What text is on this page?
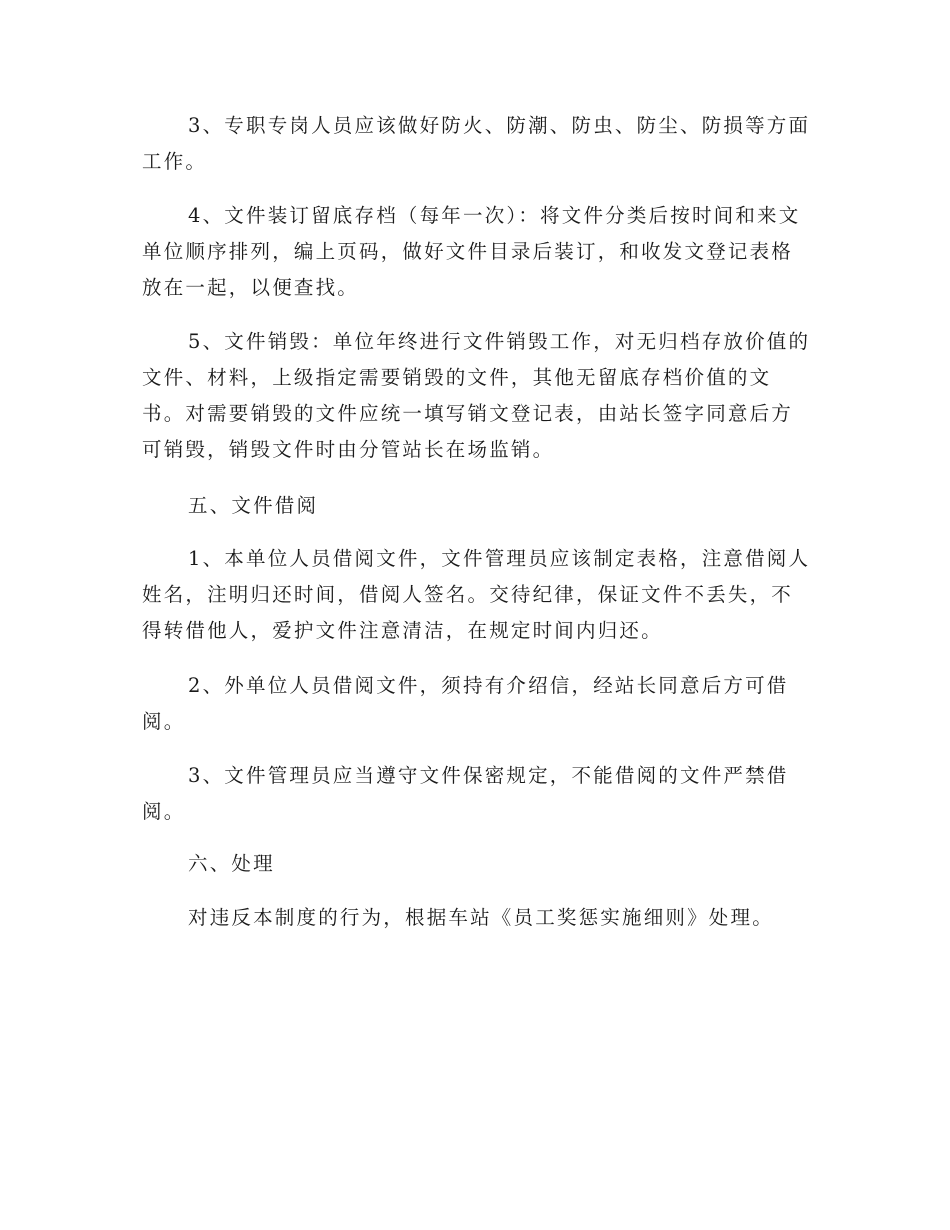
3、专职专岗人员应该做好防火、防潮、防虫、防尘、防损等方面
工作。

4、文件装订留底存档（每年一次）：将文件分类后按时间和来文
单位顺序排列，编上页码，做好文件目录后装订，和收发文登记表格
放在一起，以便查找。

5、文件销毁：单位年终进行文件销毁工作，对无归档存放价值的
文件、材料，上级指定需要销毁的文件，其他无留底存档价值的文
书。对需要销毁的文件应统一填写销文登记表，由站长签字同意后方
可销毁，销毁文件时由分管站长在场监销。

五、文件借阅

1、本单位人员借阅文件，文件管理员应该制定表格，注意借阅人
姓名，注明归还时间，借阅人签名。交待纪律，保证文件不丢失，不
得转借他人，爱护文件注意清洁，在规定时间内归还。

2、外单位人员借阅文件，须持有介绍信，经站长同意后方可借
阅。

3、文件管理员应当遵守文件保密规定，不能借阅的文件严禁借
阅。

六、处理

对违反本制度的行为，根据车站《员工奖惩实施细则》处理。
